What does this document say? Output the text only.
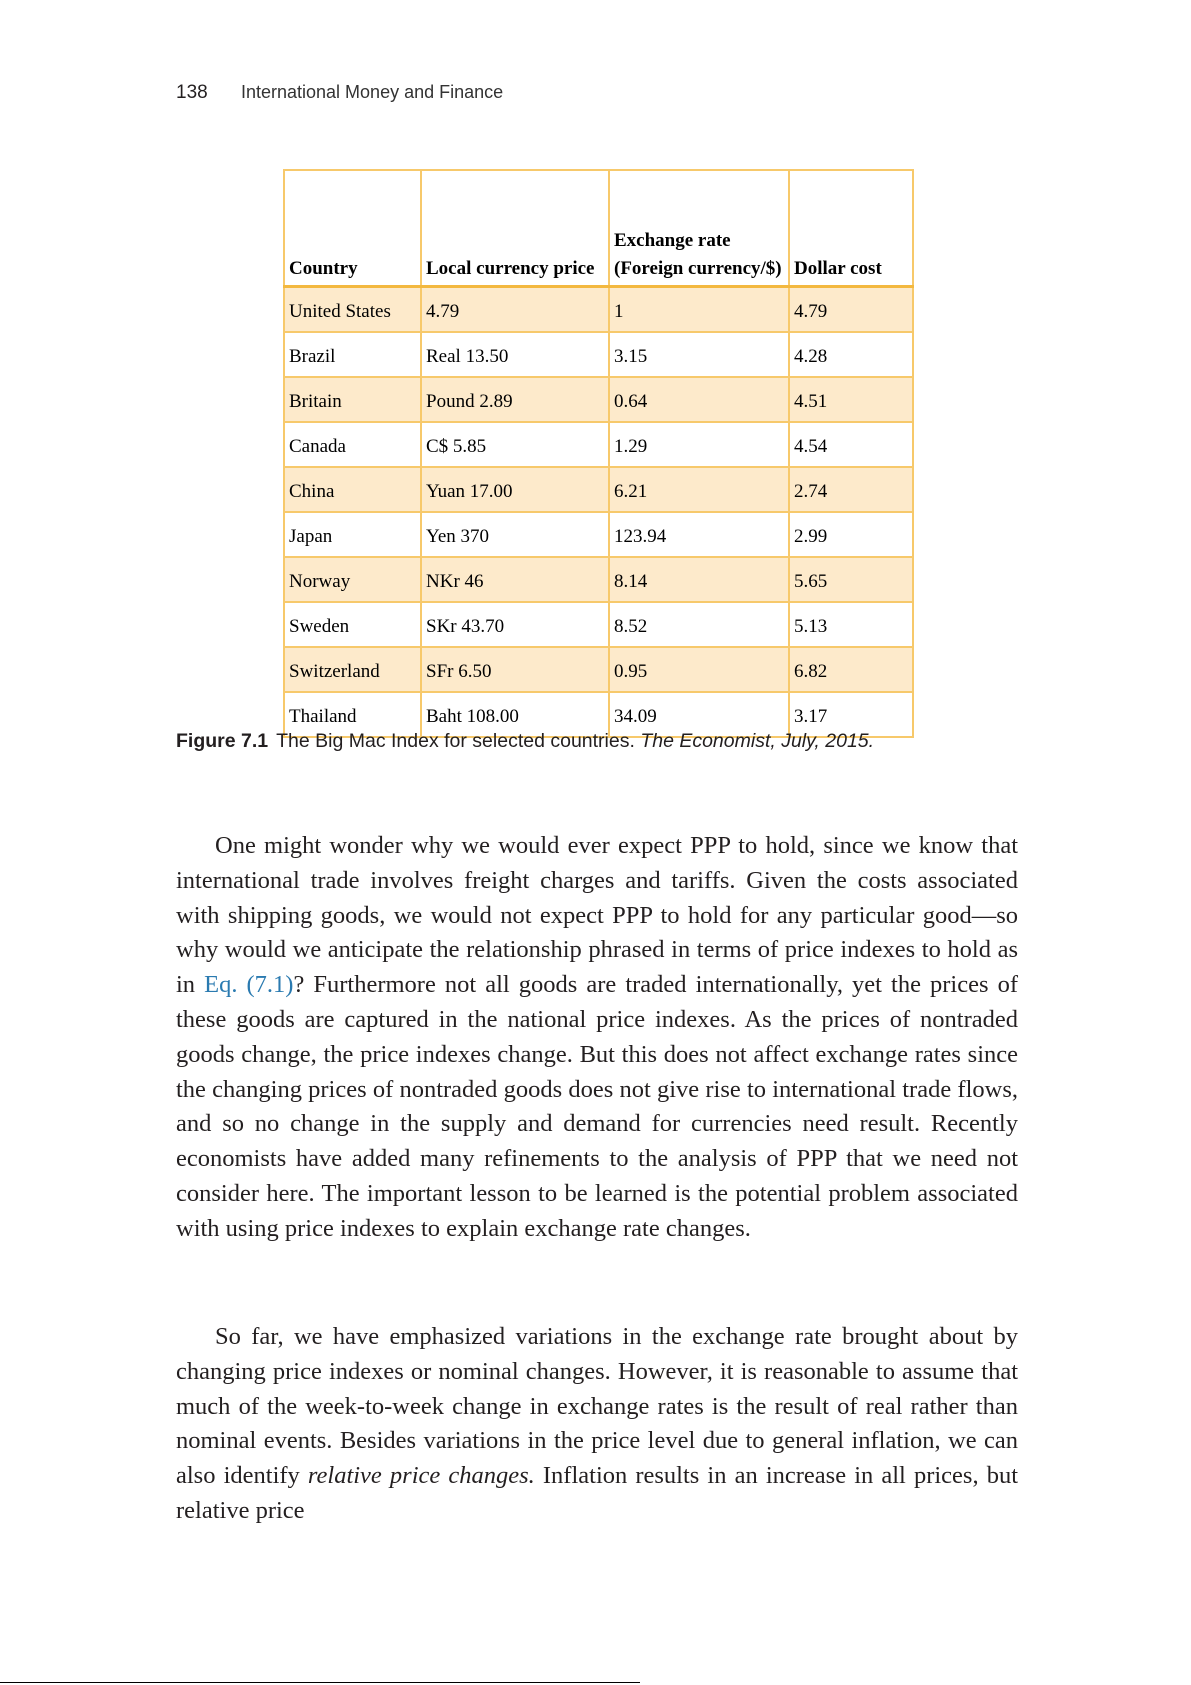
138 International Money and Finance
Country	Local currency price	Exchange rate (Foreign currency/$)	Dollar cost
United States	4.79	1	4.79
Brazil	Real 13.50	3.15	4.28
Britain	Pound 2.89	0.64	4.51
Canada	C$ 5.85	1.29	4.54
China	Yuan 17.00	6.21	2.74
Japan	Yen 370	123.94	2.99
Norway	NKr 46	8.14	5.65
Sweden	SKr 43.70	8.52	5.13
Switzerland	SFr 6.50	0.95	6.82
Thailand	Baht 108.00	34.09	3.17
Figure 7.1 The Big Mac Index for selected countries. The Economist, July, 2015.

One might wonder why we would ever expect PPP to hold, since we know that international trade involves freight charges and tariffs. Given the costs associated with shipping goods, we would not expect PPP to hold for any particular good—so why would we anticipate the relationship phrased in terms of price indexes to hold as in Eq. (7.1)? Furthermore not all goods are traded internationally, yet the prices of these goods are captured in the national price indexes. As the prices of nontraded goods change, the price indexes change. But this does not affect exchange rates since the changing prices of nontraded goods does not give rise to international trade flows, and so no change in the supply and demand for currencies need result. Recently economists have added many refinements to the analysis of PPP that we need not consider here. The important lesson to be learned is the potential problem associated with using price indexes to explain exchange rate changes.

So far, we have emphasized variations in the exchange rate brought about by changing price indexes or nominal changes. However, it is reasonable to assume that much of the week-to-week change in exchange rates is the result of real rather than nominal events. Besides variations in the price level due to general inflation, we can also identify relative price changes. Inflation results in an increase in all prices, but relative price
